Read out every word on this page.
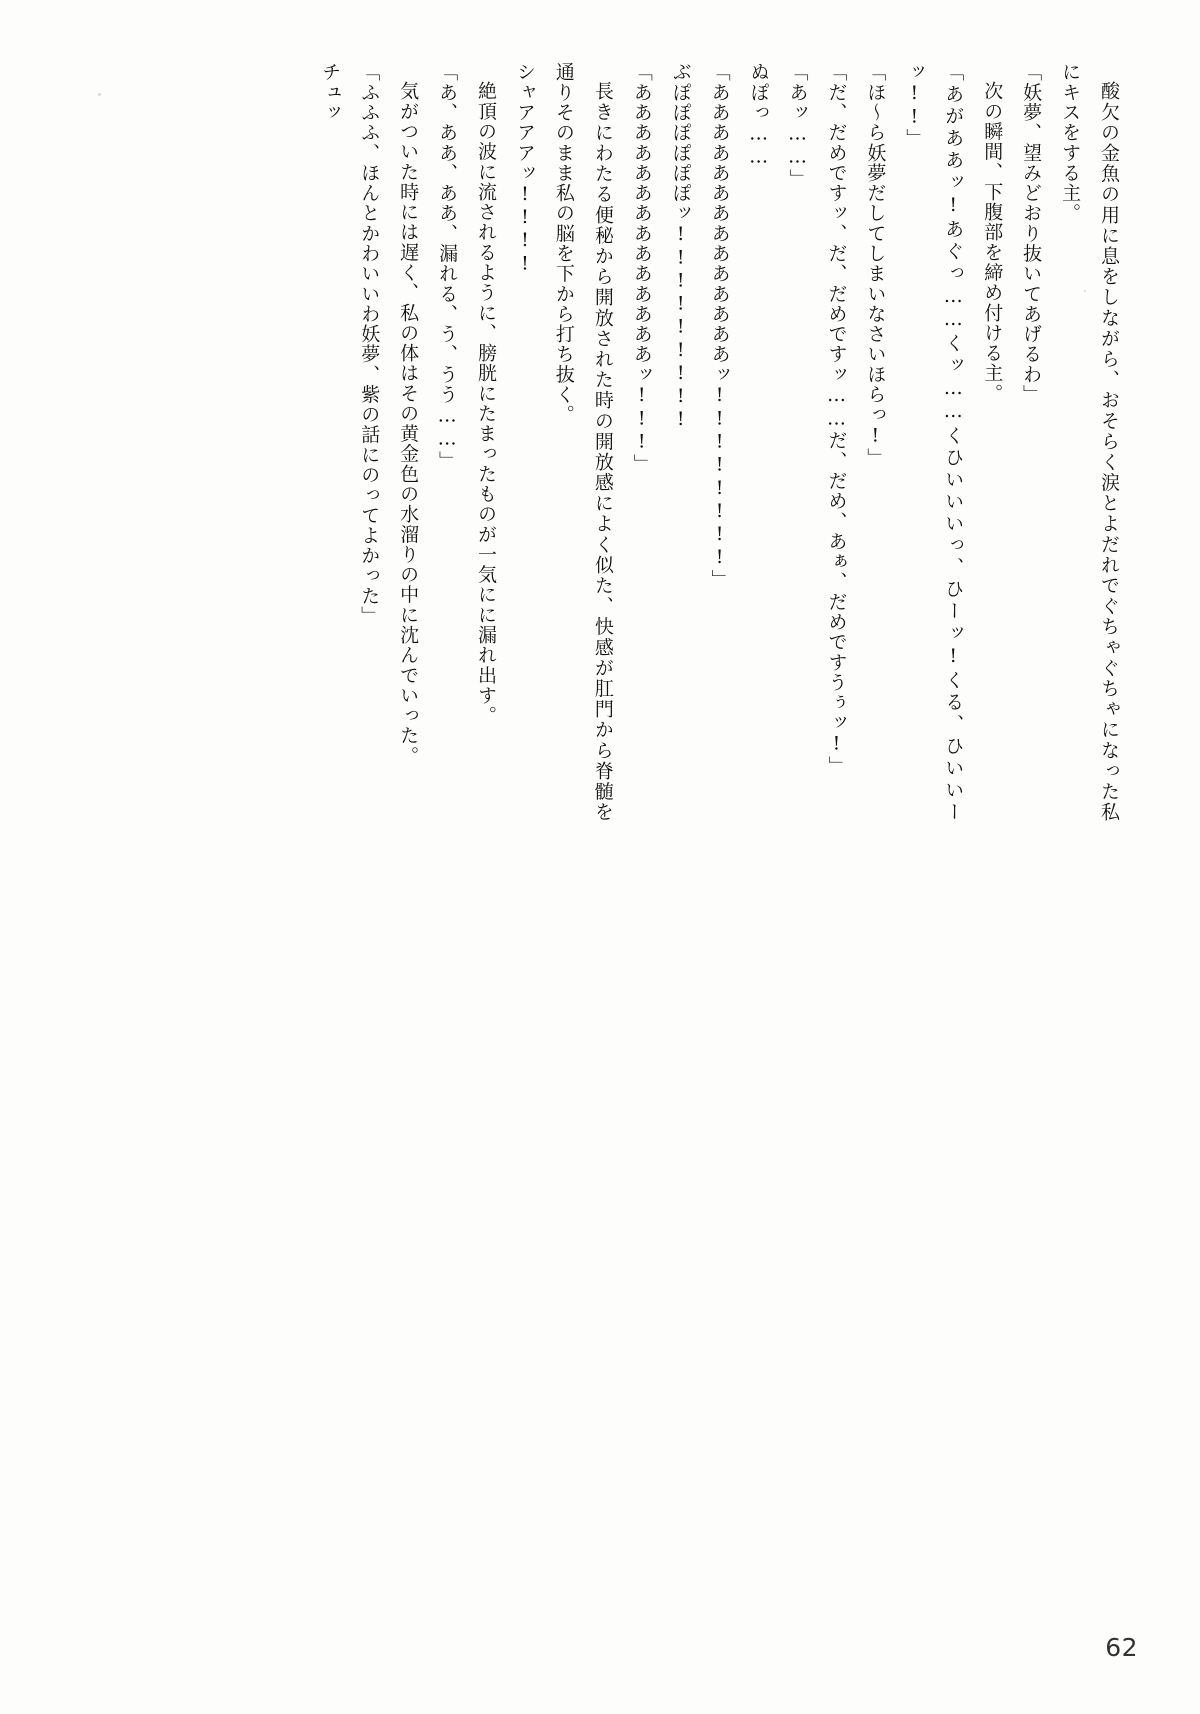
酸欠の金魚の用に息をしながら、おそらく涙とよだれでぐちゃぐちゃになった私にキスをする主。

「妖夢、望みどおり抜いてあげるわ」

次の瞬間、下腹部を締め付ける主。

「あがああッ!あぐっ……くッ……くひいいいっ、ひーッ!くる、ひいいーッ!!」

「ほ～ら妖夢だしてしまいなさいほらっ!」

「だ、だめですッ、だ、だめですッ……だ、だめ、あぁ、だめですうぅッ!」

「あッ……」

ぬぽっ……

「ああああああああああああああッ!!!!!!!!」

ぶぽぽぽぽぽぽッ!!!!!!!!!

「ああああああああああああああッ!!!」

長きにわたる便秘から開放された時の開放感によく似た、快感が肛門から脊髄を通りそのまま私の脳を下から打ち抜く。

シャアアアッ!!!!

絶頂の波に流されるように、膀胱にたまったものが一気にに漏れ出す。

「あ、ああ、ああ、漏れる、う、うう……」

気がついた時には遅く、私の体はその黄金色の水溜りの中に沈んでいった。

「ふふふ、ほんとかわいいわ妖夢、紫の話にのってよかった」

チュッ

62
